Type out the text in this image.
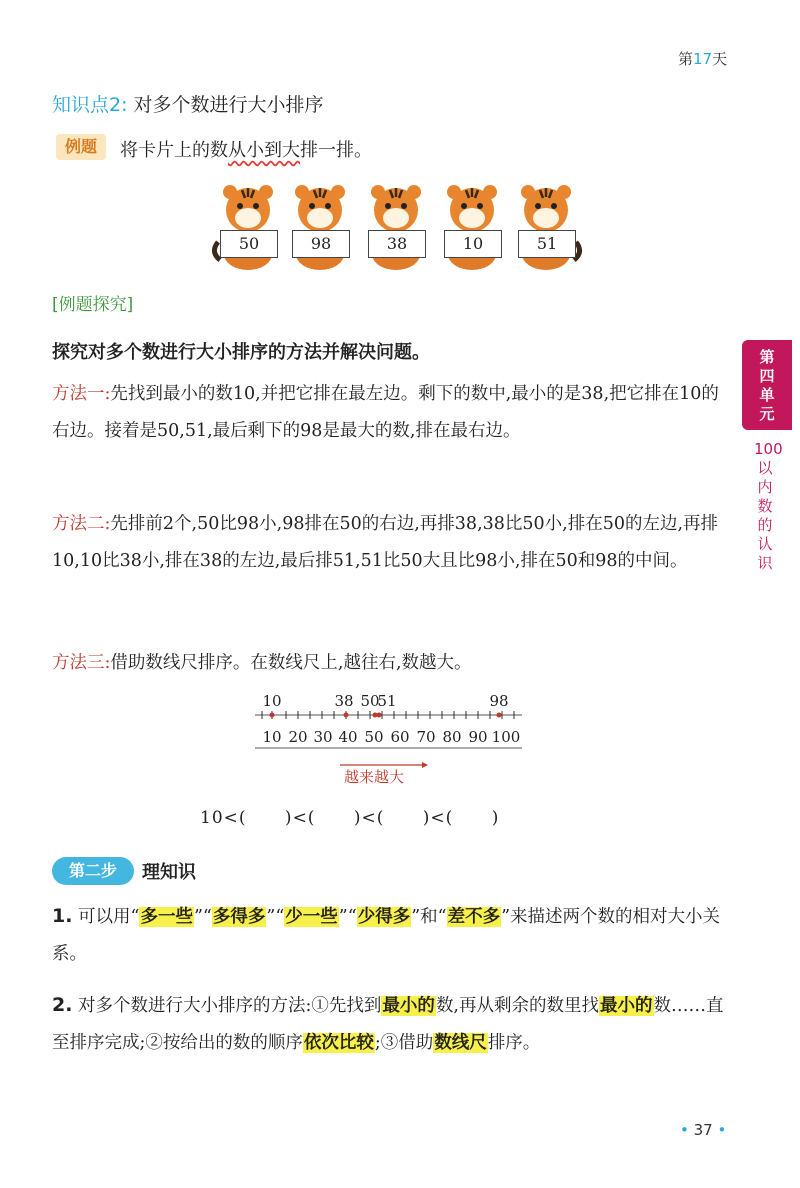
第17天
知识点2: 对多个数进行大小排序
例题	将卡片上的数从小到大排一排。
50	98	38	10	51
[例题探究]
探究对多个数进行大小排序的方法并解决问题。
方法一:先找到最小的数10,并把它排在最左边。剩下的数中,最小的是38,把它排在10的右边。接着是50,51,最后剩下的98是最大的数,排在最右边。
方法二:先排前2个,50比98小,98排在50的右边,再排38,38比50小,排在50的左边,再排10,10比38小,排在38的左边,最后排51,51比50大且比98小,排在50和98的中间。
方法三:借助数线尺排序。在数线尺上,越往右,数越大。
第四单元
100以内数的认识
10	38 50
51	98
10 20 30 40 50 60 70 80 90 100
越来越大
10<(      )<(      )<(      )<(      )
第二步	理知识
1. 可以用“多一些”“多得多”“少一些”“少得多”和“差不多”来描述两个数的相对大小关系。
2. 对多个数进行大小排序的方法:①先找到最小的数,再从剩余的数里找最小的数……直至排序完成;②按给出的数的顺序依次比较;③借助数线尺排序。
• 37 •
